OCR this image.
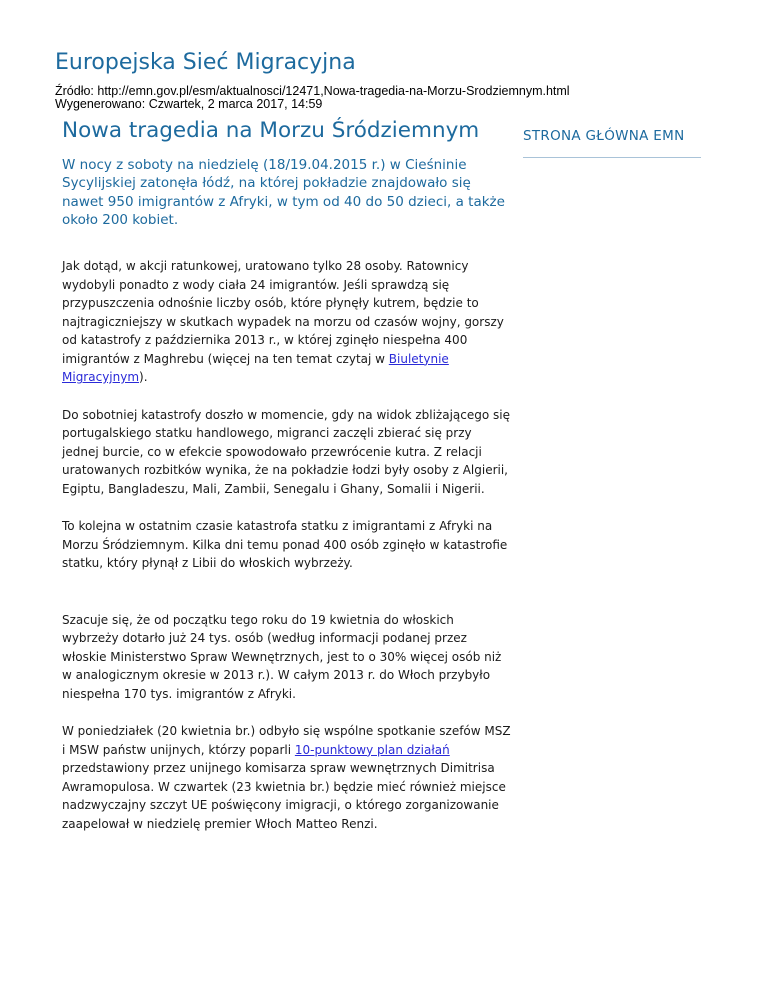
Europejska Sieć Migracyjna
Źródło: http://emn.gov.pl/esm/aktualnosci/12471,Nowa-tragedia-na-Morzu-Srodziemnym.html
Wygenerowano: Czwartek, 2 marca 2017, 14:59
Nowa tragedia na Morzu Śródziemnym

W nocy z soboty na niedzielę (18/19.04.2015 r.) w Cieśninie Sycylijskiej zatonęła łódź, na której pokładzie znajdowało się nawet 950 imigrantów z Afryki, w tym od 40 do 50 dzieci, a także około 200 kobiet.

Jak dotąd, w akcji ratunkowej, uratowano tylko 28 osoby. Ratownicy wydobyli ponadto z wody ciała 24 imigrantów. Jeśli sprawdzą się przypuszczenia odnośnie liczby osób, które płynęły kutrem, będzie to najtragiczniejszy w skutkach wypadek na morzu od czasów wojny, gorszy od katastrofy z października 2013 r., w której zginęło niespełna 400 imigrantów z Maghrebu (więcej na ten temat czytaj w Biuletynie Migracyjnym).

Do sobotniej katastrofy doszło w momencie, gdy na widok zbliżającego się portugalskiego statku handlowego, migranci zaczęli zbierać się przy jednej burcie, co w efekcie spowodowało przewrócenie kutra. Z relacji uratowanych rozbitków wynika, że na pokładzie łodzi były osoby z Algierii, Egiptu, Bangladeszu, Mali, Zambii, Senegalu i Ghany, Somalii i Nigerii.

To kolejna w ostatnim czasie katastrofa statku z imigrantami z Afryki na Morzu Śródziemnym. Kilka dni temu ponad 400 osób zginęło w katastrofie statku, który płynął z Libii do włoskich wybrzeży.

Szacuje się, że od początku tego roku do 19 kwietnia do włoskich wybrzeży dotarło już 24 tys. osób (według informacji podanej przez włoskie Ministerstwo Spraw Wewnętrznych, jest to o 30% więcej osób niż w analogicznym okresie w 2013 r.). W całym 2013 r. do Włoch przybyło niespełna 170 tys. imigrantów z Afryki.

W poniedziałek (20 kwietnia br.) odbyło się wspólne spotkanie szefów MSZ i MSW państw unijnych, którzy poparli 10-punktowy plan działań przedstawiony przez unijnego komisarza spraw wewnętrznych Dimitrisa Awramopulosa. W czwartek (23 kwietnia br.) będzie mieć również miejsce nadzwyczajny szczyt UE poświęcony imigracji, o którego zorganizowanie zaapelował w niedzielę premier Włoch Matteo Renzi.

STRONA GŁÓWNA EMN
